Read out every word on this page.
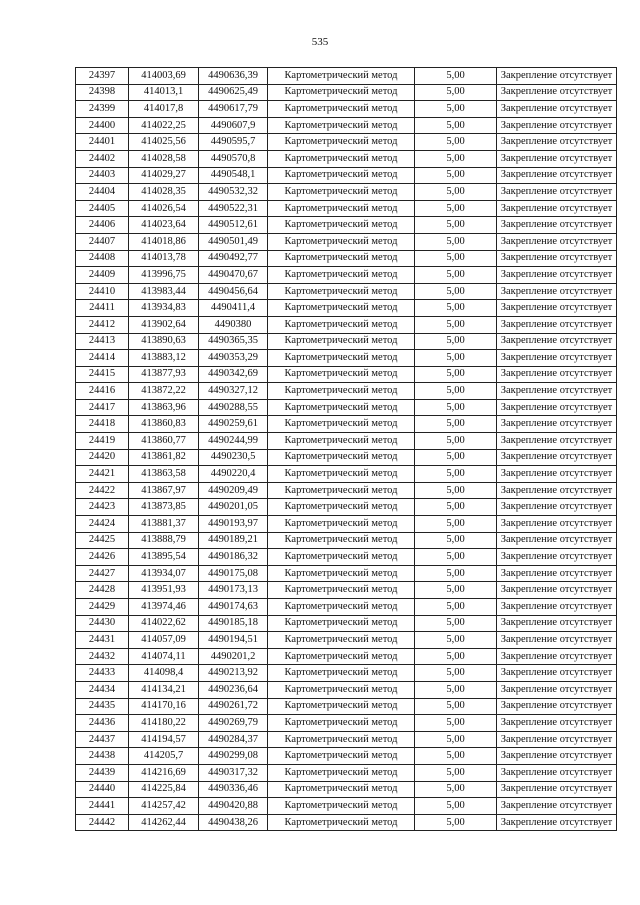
535
24397	414003,69	4490636,39	Картометрический метод	5,00	Закрепление отсутствует
24398	414013,1	4490625,49	Картометрический метод	5,00	Закрепление отсутствует
24399	414017,8	4490617,79	Картометрический метод	5,00	Закрепление отсутствует
24400	414022,25	4490607,9	Картометрический метод	5,00	Закрепление отсутствует
24401	414025,56	4490595,7	Картометрический метод	5,00	Закрепление отсутствует
24402	414028,58	4490570,8	Картометрический метод	5,00	Закрепление отсутствует
24403	414029,27	4490548,1	Картометрический метод	5,00	Закрепление отсутствует
24404	414028,35	4490532,32	Картометрический метод	5,00	Закрепление отсутствует
24405	414026,54	4490522,31	Картометрический метод	5,00	Закрепление отсутствует
24406	414023,64	4490512,61	Картометрический метод	5,00	Закрепление отсутствует
24407	414018,86	4490501,49	Картометрический метод	5,00	Закрепление отсутствует
24408	414013,78	4490492,77	Картометрический метод	5,00	Закрепление отсутствует
24409	413996,75	4490470,67	Картометрический метод	5,00	Закрепление отсутствует
24410	413983,44	4490456,64	Картометрический метод	5,00	Закрепление отсутствует
24411	413934,83	4490411,4	Картометрический метод	5,00	Закрепление отсутствует
24412	413902,64	4490380	Картометрический метод	5,00	Закрепление отсутствует
24413	413890,63	4490365,35	Картометрический метод	5,00	Закрепление отсутствует
24414	413883,12	4490353,29	Картометрический метод	5,00	Закрепление отсутствует
24415	413877,93	4490342,69	Картометрический метод	5,00	Закрепление отсутствует
24416	413872,22	4490327,12	Картометрический метод	5,00	Закрепление отсутствует
24417	413863,96	4490288,55	Картометрический метод	5,00	Закрепление отсутствует
24418	413860,83	4490259,61	Картометрический метод	5,00	Закрепление отсутствует
24419	413860,77	4490244,99	Картометрический метод	5,00	Закрепление отсутствует
24420	413861,82	4490230,5	Картометрический метод	5,00	Закрепление отсутствует
24421	413863,58	4490220,4	Картометрический метод	5,00	Закрепление отсутствует
24422	413867,97	4490209,49	Картометрический метод	5,00	Закрепление отсутствует
24423	413873,85	4490201,05	Картометрический метод	5,00	Закрепление отсутствует
24424	413881,37	4490193,97	Картометрический метод	5,00	Закрепление отсутствует
24425	413888,79	4490189,21	Картометрический метод	5,00	Закрепление отсутствует
24426	413895,54	4490186,32	Картометрический метод	5,00	Закрепление отсутствует
24427	413934,07	4490175,08	Картометрический метод	5,00	Закрепление отсутствует
24428	413951,93	4490173,13	Картометрический метод	5,00	Закрепление отсутствует
24429	413974,46	4490174,63	Картометрический метод	5,00	Закрепление отсутствует
24430	414022,62	4490185,18	Картометрический метод	5,00	Закрепление отсутствует
24431	414057,09	4490194,51	Картометрический метод	5,00	Закрепление отсутствует
24432	414074,11	4490201,2	Картометрический метод	5,00	Закрепление отсутствует
24433	414098,4	4490213,92	Картометрический метод	5,00	Закрепление отсутствует
24434	414134,21	4490236,64	Картометрический метод	5,00	Закрепление отсутствует
24435	414170,16	4490261,72	Картометрический метод	5,00	Закрепление отсутствует
24436	414180,22	4490269,79	Картометрический метод	5,00	Закрепление отсутствует
24437	414194,57	4490284,37	Картометрический метод	5,00	Закрепление отсутствует
24438	414205,7	4490299,08	Картометрический метод	5,00	Закрепление отсутствует
24439	414216,69	4490317,32	Картометрический метод	5,00	Закрепление отсутствует
24440	414225,84	4490336,46	Картометрический метод	5,00	Закрепление отсутствует
24441	414257,42	4490420,88	Картометрический метод	5,00	Закрепление отсутствует
24442	414262,44	4490438,26	Картометрический метод	5,00	Закрепление отсутствует
